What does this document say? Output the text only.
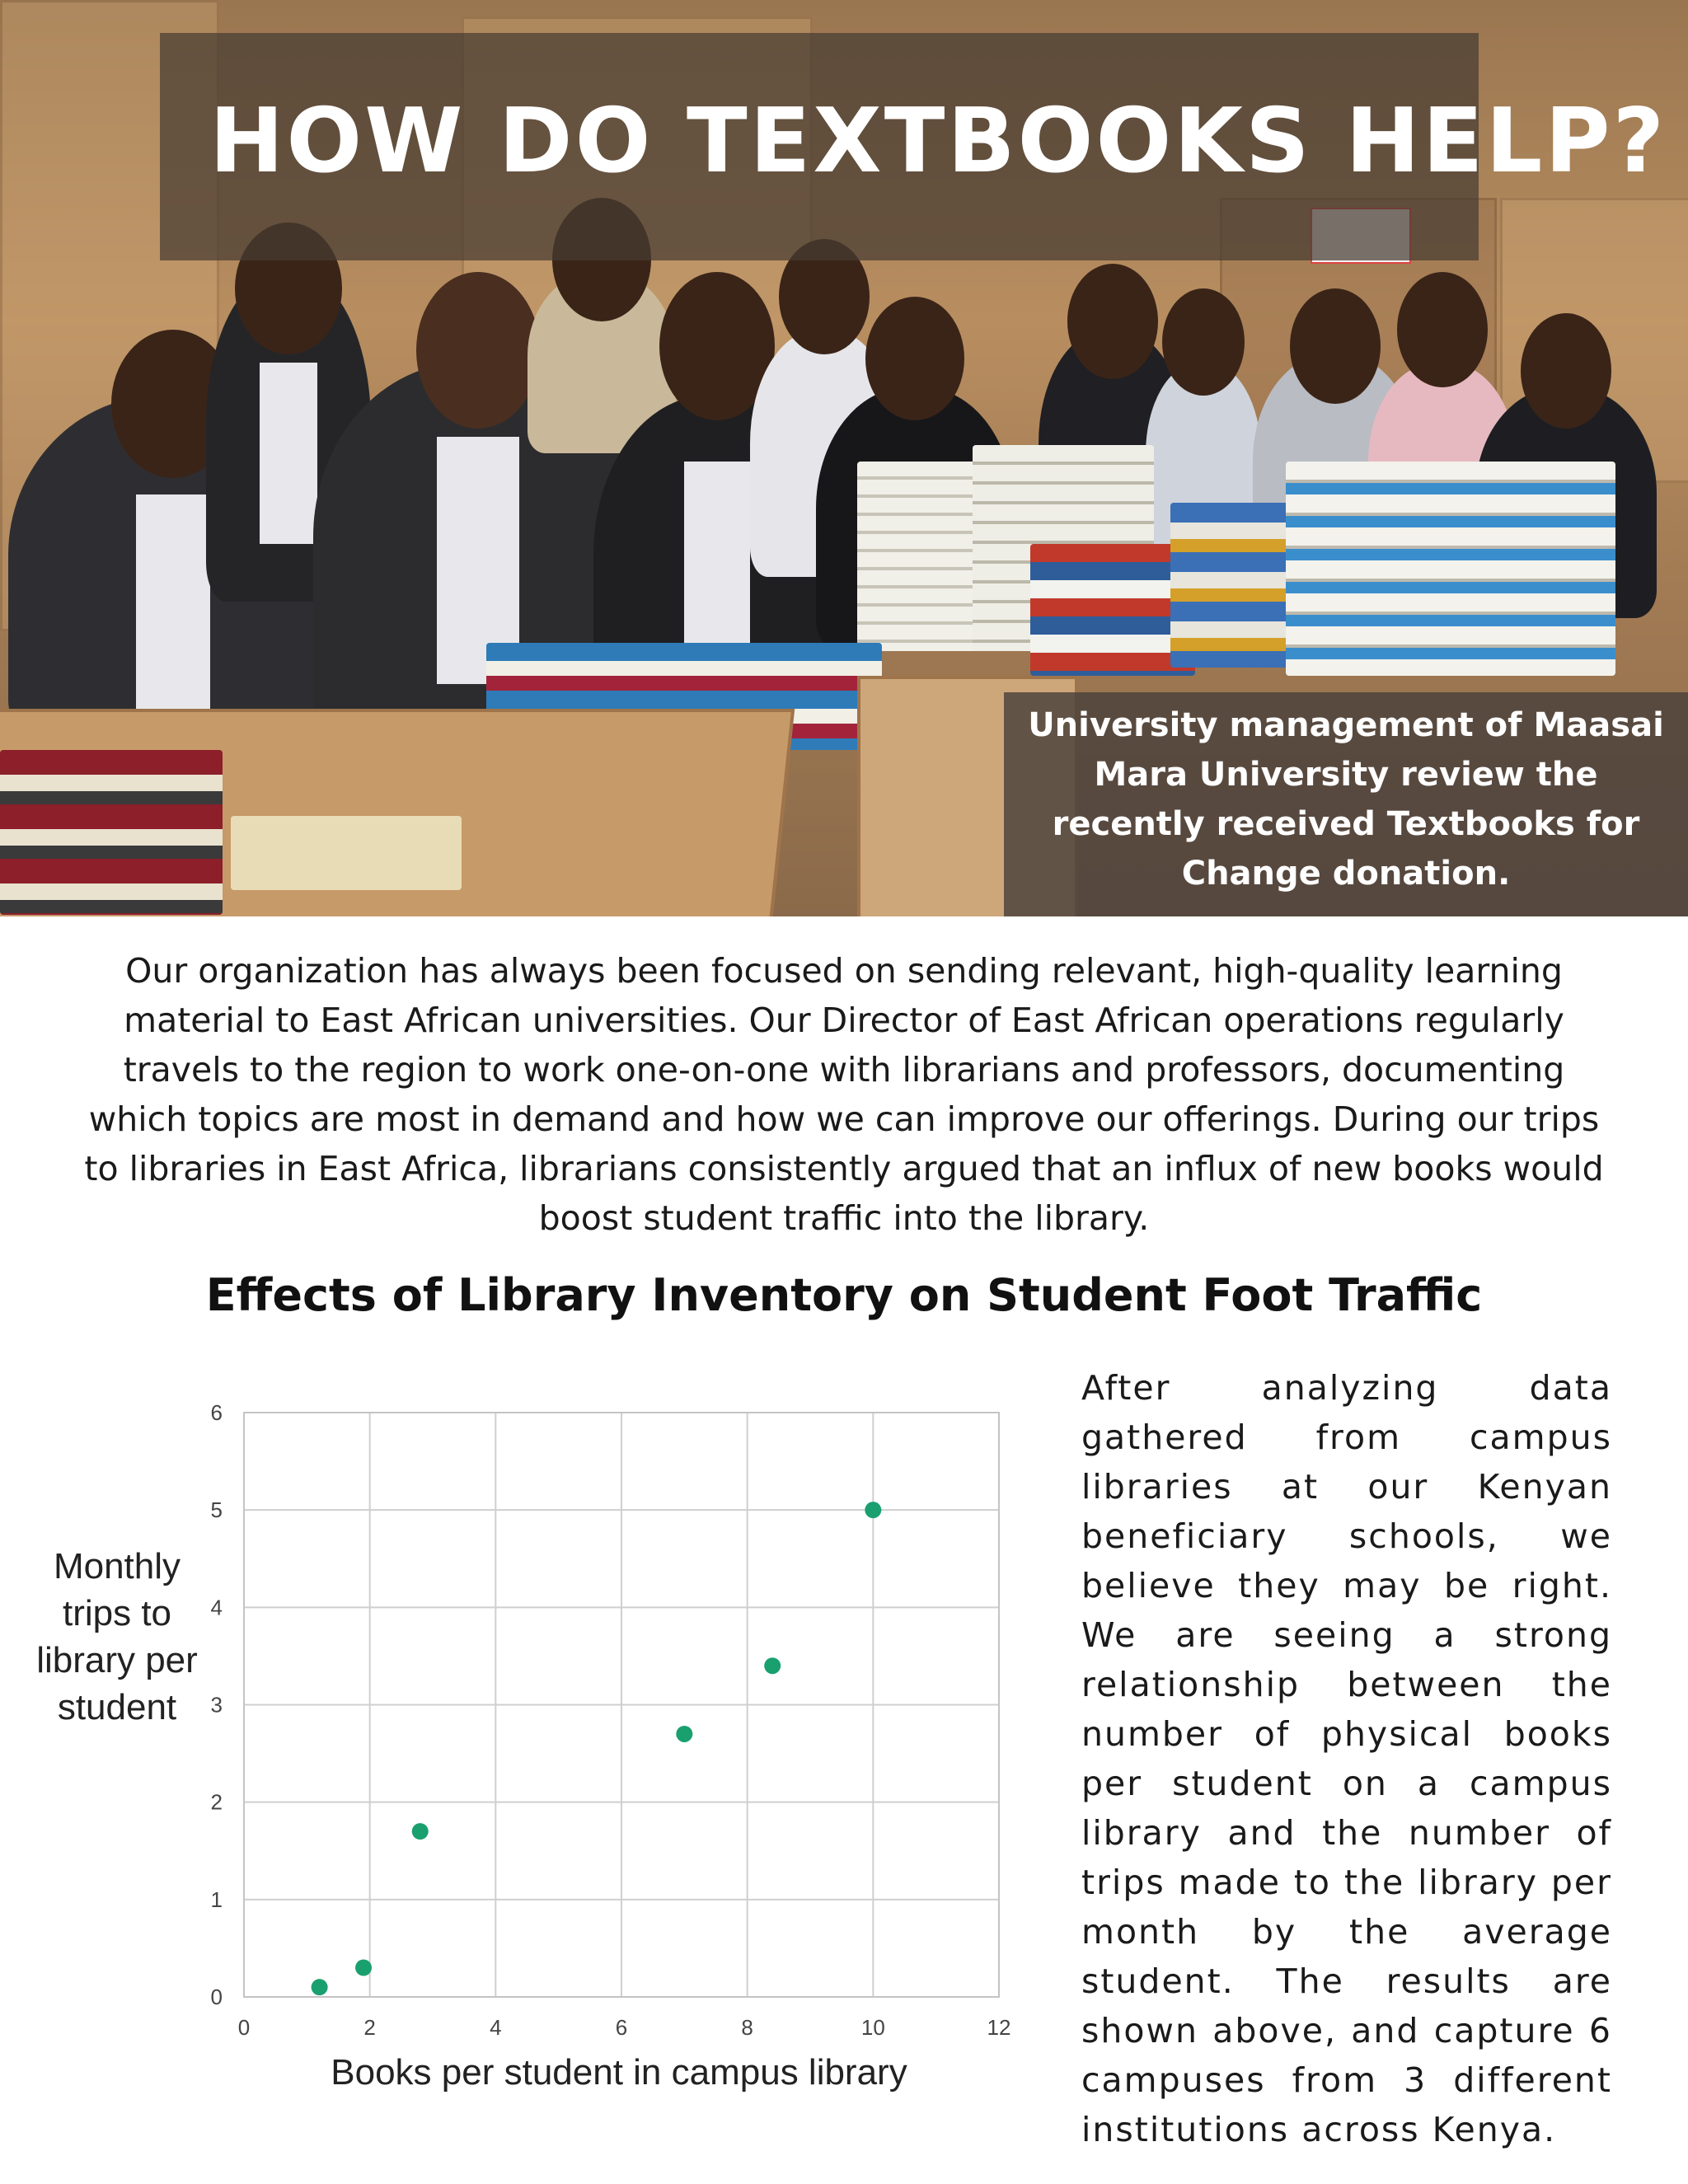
HOW DO TEXTBOOKS HELP?

University management of Maasai Mara University review the recently received Textbooks for Change donation.

Our organization has always been focused on sending relevant, high-quality learning material to East African universities. Our Director of East African operations regularly travels to the region to work one-on-one with librarians and professors, documenting which topics are most in demand and how we can improve our offerings. During our trips to libraries in East Africa, librarians consistently argued that an influx of new books would boost student traffic into the library.

Effects of Library Inventory on Student Foot Traffic
0	2	4	6	8	10	12
0
1
2
3
4
5
6
Monthly trips to library per student
Books per student in campus library

After analyzing data gathered from campus libraries at our Kenyan beneficiary schools, we believe they may be right. We are seeing a strong relationship between the number of physical books per student on a campus library and the number of trips made to the library per month by the average student. The results are shown above, and capture 6 campuses from 3 different institutions across Kenya.
